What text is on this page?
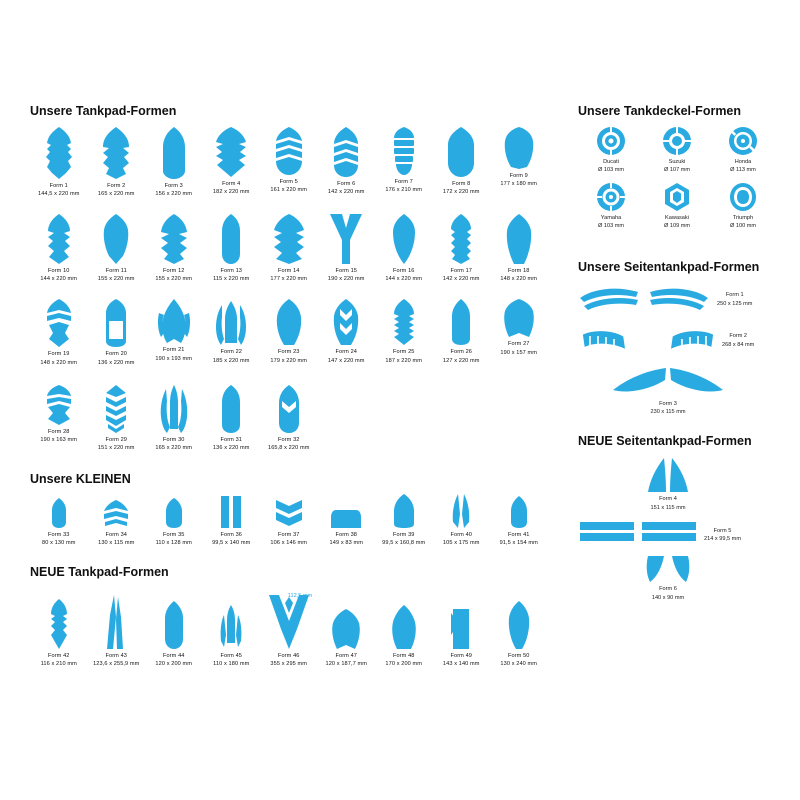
Unsere Tankpad-Formen
Form 1
144,5 x 220 mm
Form 2
165 x 220 mm
Form 3
156 x 220 mm
Form 4
182 x 220 mm
Form 5
161 x 220 mm
Form 6
142 x 220 mm
Form 7
176 x 210 mm
Form 8
172 x 220 mm
Form 9
177 x 180 mm
Form 10
144 x 220 mm
Form 11
155 x 220 mm
Form 12
155 x 220 mm
Form 13
115 x 220 mm
Form 14
177 x 220 mm
Form 15
190 x 220 mm
Form 16
144 x 220 mm
Form 17
142 x 220 mm
Form 18
148 x 220 mm
Form 19
148 x 220 mm
Form 20
136 x 220 mm
Form 21
190 x 193 mm
Form 22
185 x 220 mm
Form 23
179 x 220 mm
Form 24
147 x 220 mm
Form 25
187 x 220 mm
Form 26
127 x 220 mm
Form 27
190 x 157 mm
Form 28
190 x 163 mm	Form 29
151 x 220 mm
Form 30
165 x 220 mm
Form 31
136 x 220 mm
Form 32
165,8 x 220 mm
Unsere KLEINEN
Form 33
80 x 130 mm
Form 34
130 x 115 mm
Form 35
110 x 128 mm
Form 36
99,5 x 140 mm
Form 37
106 x 146 mm
Form 38
149 x 83 mm
Form 39
99,5 x 160,8 mm
Form 40
105 x 175 mm
Form 41
91,5 x 154 mm
NEUE Tankpad-Formen
112,5 mm
Form 42
116 x 210 mm
Form 43
123,6 x 255,9 mm
Form 44
120 x 200 mm
Form 45
110 x 180 mm
Form 46
355 x 295 mm
Form 47
120 x 187,7 mm
Form 48
170 x 200 mm
Form 49
143 x 140 mm
Form 50
130 x 240 mm
Unsere Tankdeckel-Formen
Ducati
Ø 103 mm
Suzuki
Ø 107 mm
Honda
Ø 113 mm
Yamaha
Ø 103 mm
Kawasaki
Ø 109 mm
Triumph
Ø 100 mm
Unsere Seitentankpad-Formen
Form 1
250 x 125 mm
Form 2
268 x 84 mm
Form 3
230 x 115 mm
NEUE Seitentankpad-Formen
Form 4
151 x 115 mm
Form 5
214 x 99,5 mm
Form 6
140 x 90 mm
